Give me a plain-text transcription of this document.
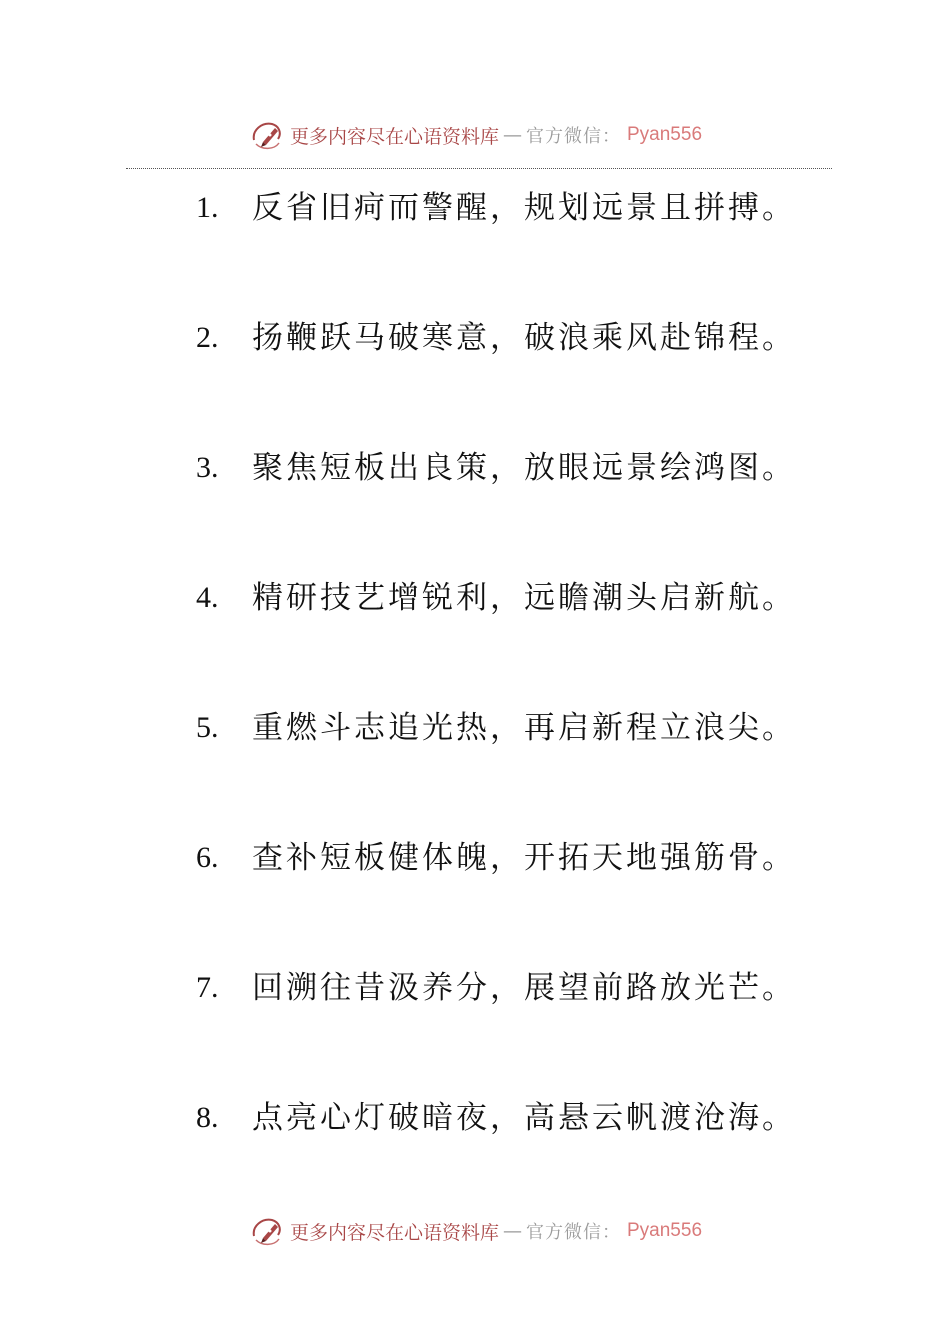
更多内容尽在心语资料库 — 官方微信： Pyan556
1.	反省旧疴而警醒，规划远景且拼搏。
2.	扬鞭跃马破寒意，破浪乘风赴锦程。
3.	聚焦短板出良策，放眼远景绘鸿图。
4.	精研技艺增锐利，远瞻潮头启新航。
5.	重燃斗志追光热，再启新程立浪尖。
6.	查补短板健体魄，开拓天地强筋骨。
7.	回溯往昔汲养分，展望前路放光芒。
8.	点亮心灯破暗夜，高悬云帆渡沧海。
更多内容尽在心语资料库 — 官方微信： Pyan556
